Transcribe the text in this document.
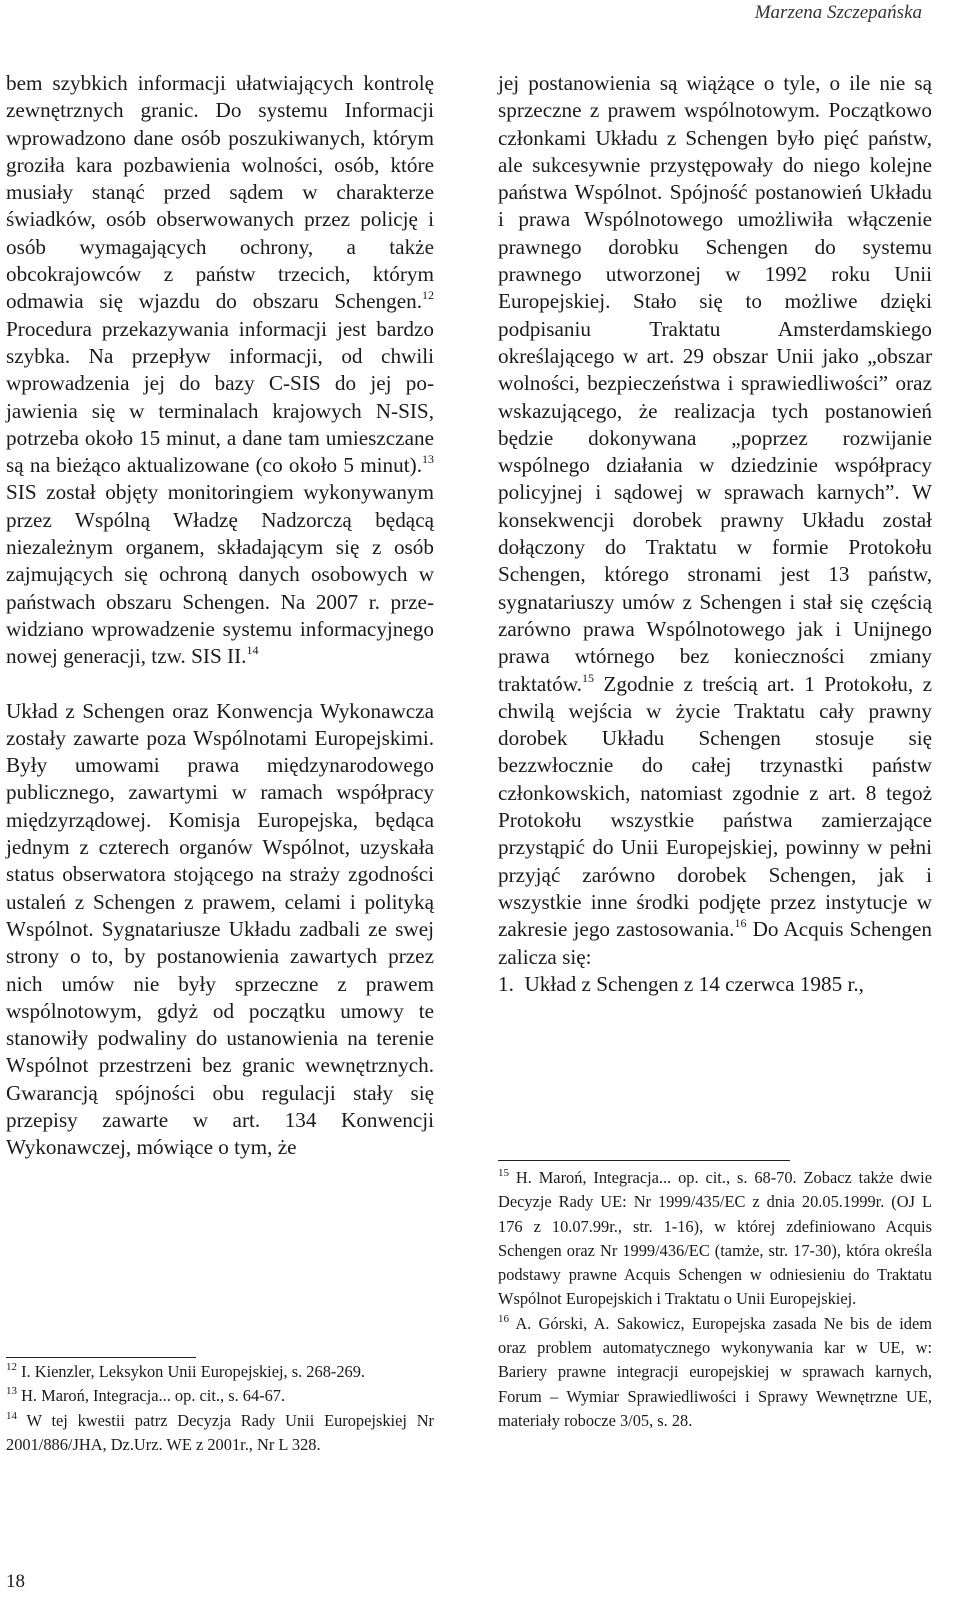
Marzena Szczepańska

bem szybkich informacji ułatwiających kontrolę zewnętrznych granic. Do systemu Informacji wprowadzono dane osób poszukiwanych, którym groziła kara pozbawienia wolności, osób, które musiały stanąć przed sądem w charakterze świadków, osób obserwowanych przez policję i osób wymagających ochrony, a także obcokrajowców z państw trzecich, którym odmawia się wjazdu do obszaru Schengen.$^{12}$ Procedura przekazywania informacji jest bardzo szybka. Na przepływ informacji, od chwili wprowadzenia jej do bazy C-SIS do jej pojawienia się w terminalach krajowych N-SIS, potrzeba około 15 minut, a dane tam umieszczane są na bieżąco aktualizowane (co około 5 minut).$^{13}$ SIS został objęty monitoringiem wykonywanym przez Wspólną Władzę Nadzorczą będącą niezależnym organem, składającym się z osób zajmujących się ochroną danych osobowych w państwach obszaru Schengen. Na 2007 r. przewidziano wprowadzenie systemu informacyjnego nowej generacji, tzw. SIS II.$^{14}$

Układ z Schengen oraz Konwencja Wykonawcza zostały zawarte poza Wspólnotami Europejskimi. Były umowami prawa międzynarodowego publicznego, zawartymi w ramach współpracy międzyrządowej. Komisja Europejska, będąca jednym z czterech organów Wspólnot, uzyskała status obserwatora stojącego na straży zgodności ustaleń z Schengen z prawem, celami i polityką Wspólnot. Sygnatariusze Układu zadbali ze swej strony o to, by postanowienia zawartych przez nich umów nie były sprzeczne z prawem wspólnotowym, gdyż od początku umowy te stanowiły podwaliny do ustanowienia na terenie Wspólnot przestrzeni bez granic wewnętrznych. Gwarancją spójności obu regulacji stały się przepisy zawarte w art. 134 Konwencji Wykonawczej, mówiące o tym, że

jej postanowienia są wiążące o tyle, o ile nie są sprzeczne z prawem wspólnotowym. Początkowo członkami Układu z Schengen było pięć państw, ale sukcesywnie przystępowały do niego kolejne państwa Wspólnot. Spójność postanowień Układu i prawa Wspólnotowego umożliwiła włączenie prawnego dorobku Schengen do systemu prawnego utworzonej w 1992 roku Unii Europejskiej. Stało się to możliwe dzięki podpisaniu Traktatu Amsterdamskiego określającego w art. 29 obszar Unii jako „obszar wolności, bezpieczeństwa i sprawiedliwości” oraz wskazującego, że realizacja tych postanowień będzie dokonywana „poprzez rozwijanie wspólnego działania w dziedzinie współpracy policyjnej i sądowej w sprawach karnych”. W konsekwencji dorobek prawny Układu został dołączony do Traktatu w formie Protokołu Schengen, którego stronami jest 13 państw, sygnatariuszy umów z Schengen i stał się częścią zarówno prawa Wspólnotowego jak i Unijnego prawa wtórnego bez konieczności zmiany traktatów.$^{15}$ Zgodnie z treścią art. 1 Protokołu, z chwilą wejścia w życie Traktatu cały prawny dorobek Układu Schengen stosuje się bezzwłocznie do całej trzynastki państw członkowskich, natomiast zgodnie z art. 8 tegoż Protokołu wszystkie państwa zamierzające przystąpić do Unii Europejskiej, powinny w pełni przyjąć zarówno dorobek Schengen, jak i wszystkie inne środki podjęte przez instytucje w zakresie jego zastosowania.$^{16}$ Do Acquis Schengen zalicza się:

1.  Układ z Schengen z 14 czerwca 1985 r.,

$^{12}$ I. Kienzler, Leksykon Unii Europejskiej, s. 268-269.

$^{13}$ H. Maroń, Integracja... op. cit., s. 64-67.

$^{14}$ W tej kwestii patrz Decyzja Rady Unii Europejskiej Nr 2001/886/JHA, Dz.Urz. WE z 2001r., Nr L 328.

$^{15}$ H. Maroń, Integracja... op. cit., s. 68-70. Zobacz także dwie Decyzje Rady UE: Nr 1999/435/EC z dnia 20.05.1999r. (OJ L 176 z 10.07.99r., str. 1-16), w której zdefiniowano Acquis Schengen oraz Nr 1999/436/EC (tamże, str. 17-30), która określa podstawy prawne Acquis Schengen w odniesieniu do Traktatu Wspólnot Europejskich i Traktatu o Unii Europejskiej.

$^{16}$ A. Górski, A. Sakowicz, Europejska zasada Ne bis de idem oraz problem automatycznego wykonywania kar w UE, w: Bariery prawne integracji europejskiej w sprawach karnych, Forum – Wymiar Sprawiedliwości i Sprawy Wewnętrzne UE, materiały robocze 3/05, s. 28.

18
